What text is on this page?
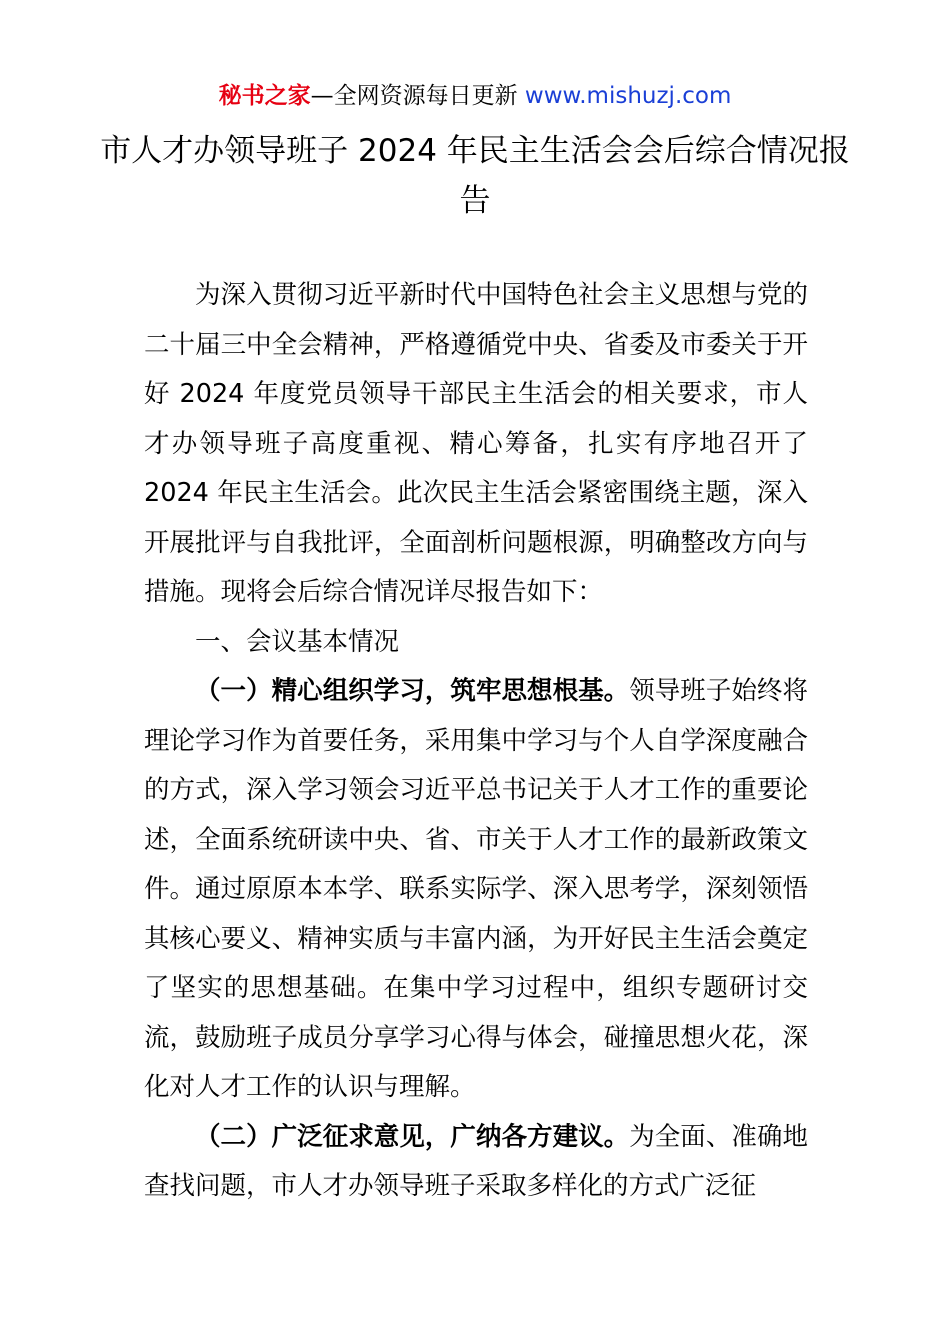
秘书之家—全网资源每日更新 www.mishuzj.com
市人才办领导班子 2024 年民主生活会会后综合情况报告

为深入贯彻习近平新时代中国特色社会主义思想与党的二十届三中全会精神，严格遵循党中央、省委及市委关于开好 2024 年度党员领导干部民主生活会的相关要求，市人才办领导班子高度重视、精心筹备，扎实有序地召开了 2024 年民主生活会。此次民主生活会紧密围绕主题，深入开展批评与自我批评，全面剖析问题根源，明确整改方向与措施。现将会后综合情况详尽报告如下：

一、会议基本情况

（一）精心组织学习，筑牢思想根基。领导班子始终将理论学习作为首要任务，采用集中学习与个人自学深度融合的方式，深入学习领会习近平总书记关于人才工作的重要论述，全面系统研读中央、省、市关于人才工作的最新政策文件。通过原原本本学、联系实际学、深入思考学，深刻领悟其核心要义、精神实质与丰富内涵，为开好民主生活会奠定了坚实的思想基础。在集中学习过程中，组织专题研讨交流，鼓励班子成员分享学习心得与体会，碰撞思想火花，深化对人才工作的认识与理解。

（二）广泛征求意见，广纳各方建议。为全面、准确地查找问题，市人才办领导班子采取多样化的方式广泛征
